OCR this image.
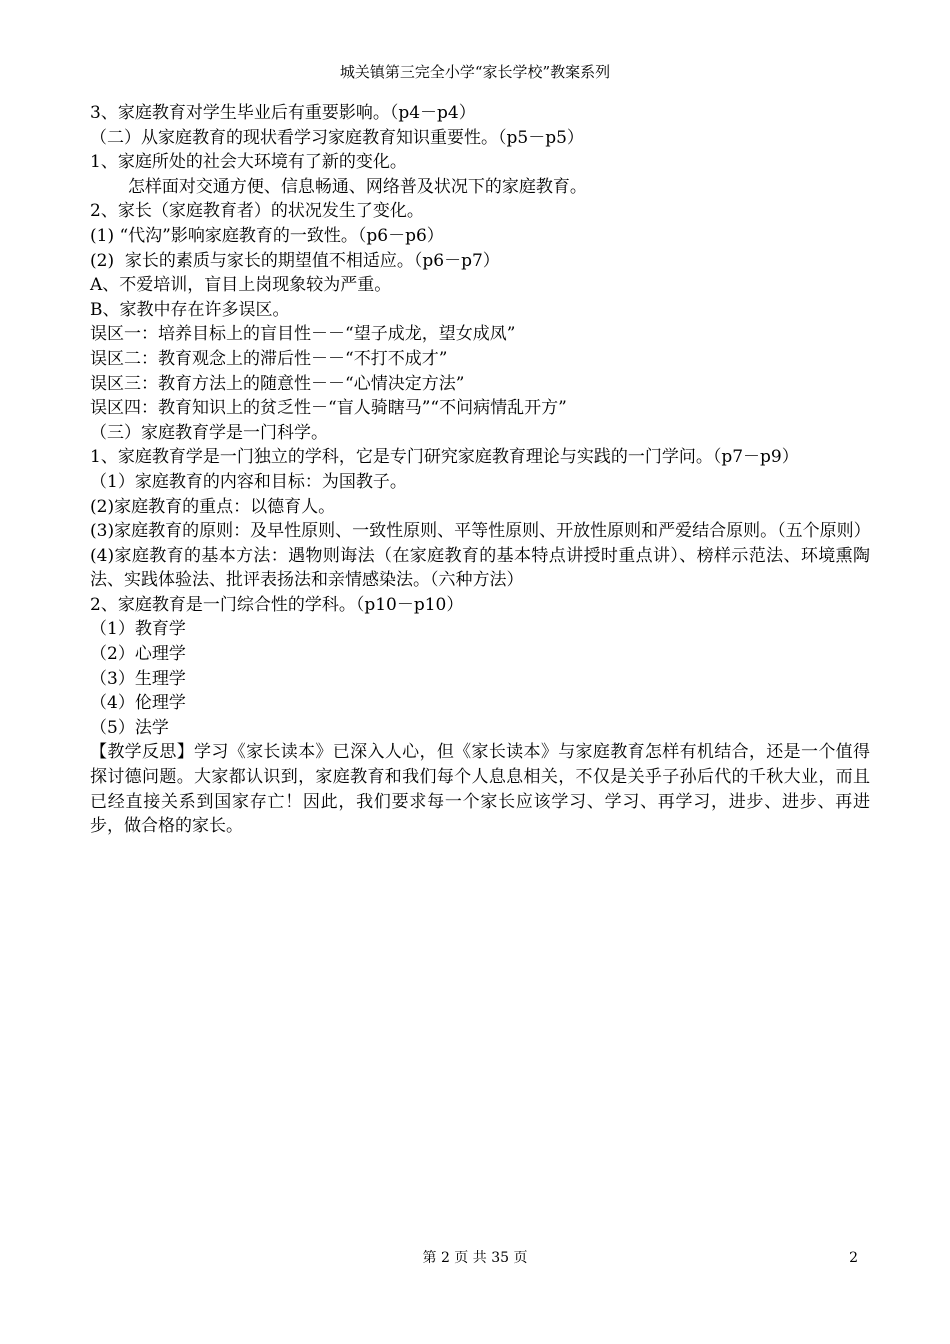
城关镇第三完全小学“家长学校”教案系列

3、家庭教育对学生毕业后有重要影响。（p4－p4）

（二）从家庭教育的现状看学习家庭教育知识重要性。（p5－p5）

1、家庭所处的社会大环境有了新的变化。

怎样面对交通方便、信息畅通、网络普及状况下的家庭教育。

2、家长（家庭教育者）的状况发生了变化。

(1) “代沟”影响家庭教育的一致性。（p6－p6）

(2)  家长的素质与家长的期望值不相适应。（p6－p7）

A、不爱培训，盲目上岗现象较为严重。

B、家教中存在许多误区。

误区一：培养目标上的盲目性－－“望子成龙，望女成凤”

误区二：教育观念上的滞后性－－“不打不成才”

误区三：教育方法上的随意性－－“心情决定方法”

误区四：教育知识上的贫乏性－“盲人骑瞎马”“不问病情乱开方”

（三）家庭教育学是一门科学。

1、家庭教育学是一门独立的学科，它是专门研究家庭教育理论与实践的一门学问。（p7－p9）

（1）家庭教育的内容和目标：为国教子。

(2)家庭教育的重点：以德育人。

(3)家庭教育的原则：及早性原则、一致性原则、平等性原则、开放性原则和严爱结合原则。（五个原则）

(4)家庭教育的基本方法：遇物则诲法（在家庭教育的基本特点讲授时重点讲）、榜样示范法、环境熏陶法、实践体验法、批评表扬法和亲情感染法。（六种方法）

2、家庭教育是一门综合性的学科。（p10－p10）

（1）教育学

（2）心理学

（3）生理学

（4）伦理学

（5）法学

【教学反思】学习《家长读本》已深入人心，但《家长读本》与家庭教育怎样有机结合，还是一个值得探讨德问题。大家都认识到，家庭教育和我们每个人息息相关，不仅是关乎子孙后代的千秋大业，而且已经直接关系到国家存亡！因此，我们要求每一个家长应该学习、学习、再学习，进步、进步、再进步，做合格的家长。

第 2 页 共 35 页	2
